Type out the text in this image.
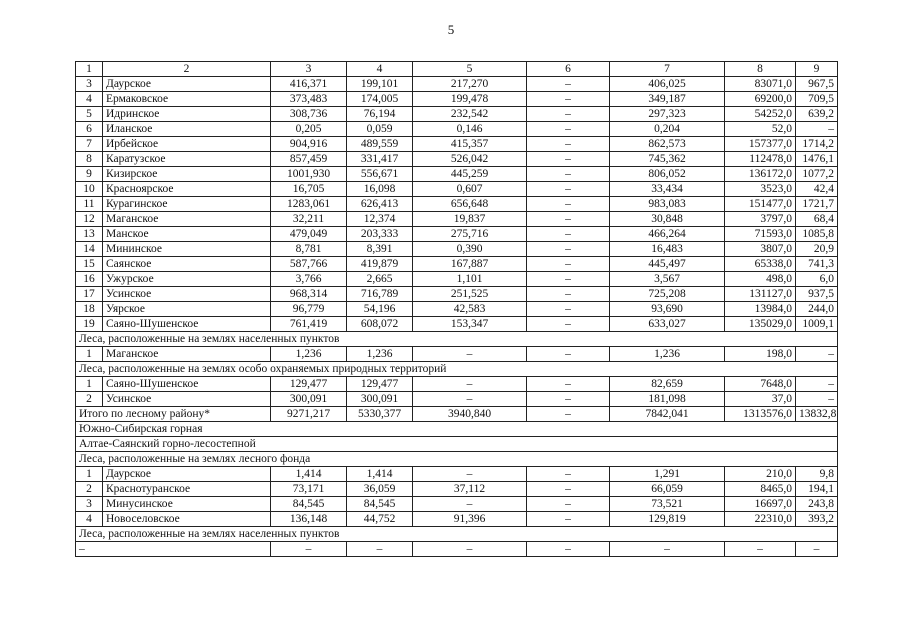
5
1	2	3	4	5	6	7	8	9
3	Даурское	416,371	199,101	217,270	–	406,025	83071,0	967,5
4	Ермаковское	373,483	174,005	199,478	–	349,187	69200,0	709,5
5	Идринское	308,736	76,194	232,542	–	297,323	54252,0	639,2
6	Иланское	0,205	0,059	0,146	–	0,204	52,0	–
7	Ирбейское	904,916	489,559	415,357	–	862,573	157377,0	1714,2
8	Каратузское	857,459	331,417	526,042	–	745,362	112478,0	1476,1
9	Кизирское	1001,930	556,671	445,259	–	806,052	136172,0	1077,2
10	Красноярское	16,705	16,098	0,607	–	33,434	3523,0	42,4
11	Курагинское	1283,061	626,413	656,648	–	983,083	151477,0	1721,7
12	Маганское	32,211	12,374	19,837	–	30,848	3797,0	68,4
13	Манское	479,049	203,333	275,716	–	466,264	71593,0	1085,8
14	Мининское	8,781	8,391	0,390	–	16,483	3807,0	20,9
15	Саянское	587,766	419,879	167,887	–	445,497	65338,0	741,3
16	Ужурское	3,766	2,665	1,101	–	3,567	498,0	6,0
17	Усинское	968,314	716,789	251,525	–	725,208	131127,0	937,5
18	Уярское	96,779	54,196	42,583	–	93,690	13984,0	244,0
19	Саяно-Шушенское	761,419	608,072	153,347	–	633,027	135029,0	1009,1
Леса, расположенные на землях населенных пунктов								
1	Маганское	1,236	1,236	–	–	1,236	198,0	–
Леса, расположенные на землях особо охраняемых природных территорий								
1	Саяно-Шушенское	129,477	129,477	–	–	82,659	7648,0	–
2	Усинское	300,091	300,091	–	–	181,098	37,0	–
Итого по лесному району*		9271,217	5330,377	3940,840	–	7842,041	1313576,0	13832,8
Южно-Сибирская горная								
Алтае-Саянский горно-лесостепной								
Леса, расположенные на землях лесного фонда								
1	Даурское	1,414	1,414	–	–	1,291	210,0	9,8
2	Краснотуранское	73,171	36,059	37,112	–	66,059	8465,0	194,1
3	Минусинское	84,545	84,545	–	–	73,521	16697,0	243,8
4	Новоселовское	136,148	44,752	91,396	–	129,819	22310,0	393,2
Леса, расположенные на землях населенных пунктов								
–		–	–	–	–	–	–	–
